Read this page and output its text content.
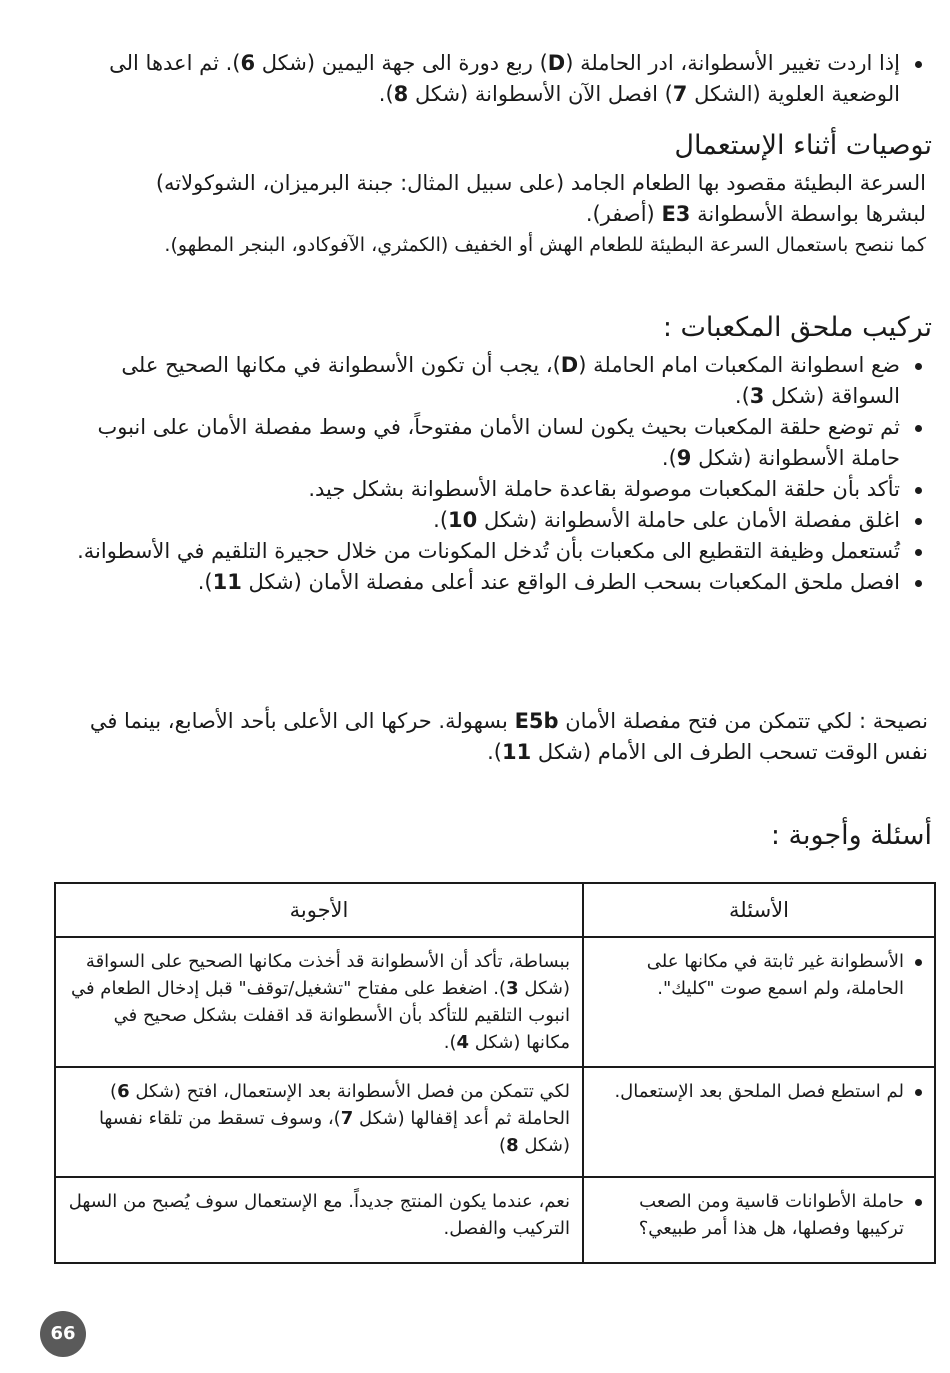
إذا اردت تغيير الأسطوانة، ادر الحاملة (D) ربع دورة الى جهة اليمين (شكل 6). ثم اعدها الى الوضعية العلوية (الشكل 7) افصل الآن الأسطوانة (شكل 8).
توصيات أثناء الإستعمال

السرعة البطيئة مقصود بها الطعام الجامد (على سبيل المثال: جبنة البرميزان، الشوكولاته)

لبشرها بواسطة الأسطوانة E3 (أصفر).

كما ننصح باستعمال السرعة البطيئة للطعام الهش أو الخفيف (الكمثري، الآفوكادو، البنجر المطهو).

تركيب ملحق المكعبات :
ضع اسطوانة المكعبات امام الحاملة (D)، يجب أن تكون الأسطوانة في مكانها الصحيح على السواقة (شكل 3).
ثم توضع حلقة المكعبات بحيث يكون لسان الأمان مفتوحاً، في وسط مفصلة الأمان على انبوب حاملة الأسطوانة (شكل 9).
تأكد بأن حلقة المكعبات موصولة بقاعدة حاملة الأسطوانة بشكل جيد.
اغلق مفصلة الأمان على حاملة الأسطوانة (شكل 10).
تُستعمل وظيفة التقطيع الى مكعبات بأن تُدخل المكونات من خلال حجيرة التلقيم في الأسطوانة.
افصل ملحق المكعبات بسحب الطرف الواقع عند أعلى مفصلة الأمان (شكل 11).

نصيحة : لكي تتمكن من فتح مفصلة الأمان E5b بسهولة. حركها الى الأعلى بأحد الأصابع، بينما في نفس الوقت تسحب الطرف الى الأمام (شكل 11).

أسئلة وأجوبة :
الأسئلة	الأجوبة

الأسطوانة غير ثابتة في مكانها على الحاملة، ولم اسمع صوت "كليك".	ببساطة، تأكد أن الأسطوانة قد أخذت مكانها الصحيح على السواقة (شكل 3). اضغط على مفتاح "تشغيل/توقف" قبل إدخال الطعام في انبوب التلقيم للتأكد بأن الأسطوانة قد اقفلت بشكل صحيح في مكانها (شكل 4).

لم استطع فصل الملحق بعد الإستعمال.	لكي تتمكن من فصل الأسطوانة بعد الإستعمال، افتح (شكل 6) الحاملة ثم أعد إقفالها (شكل 7)، وسوف تسقط من تلقاء نفسها (شكل 8)

حاملة الأطوانات قاسية ومن الصعب تركيبها وفصلها، هل هذا أمر طبيعي؟	نعم، عندما يكون المنتج جديداً. مع الإستعمال سوف يُصبح من السهل التركيب والفصل.
66
